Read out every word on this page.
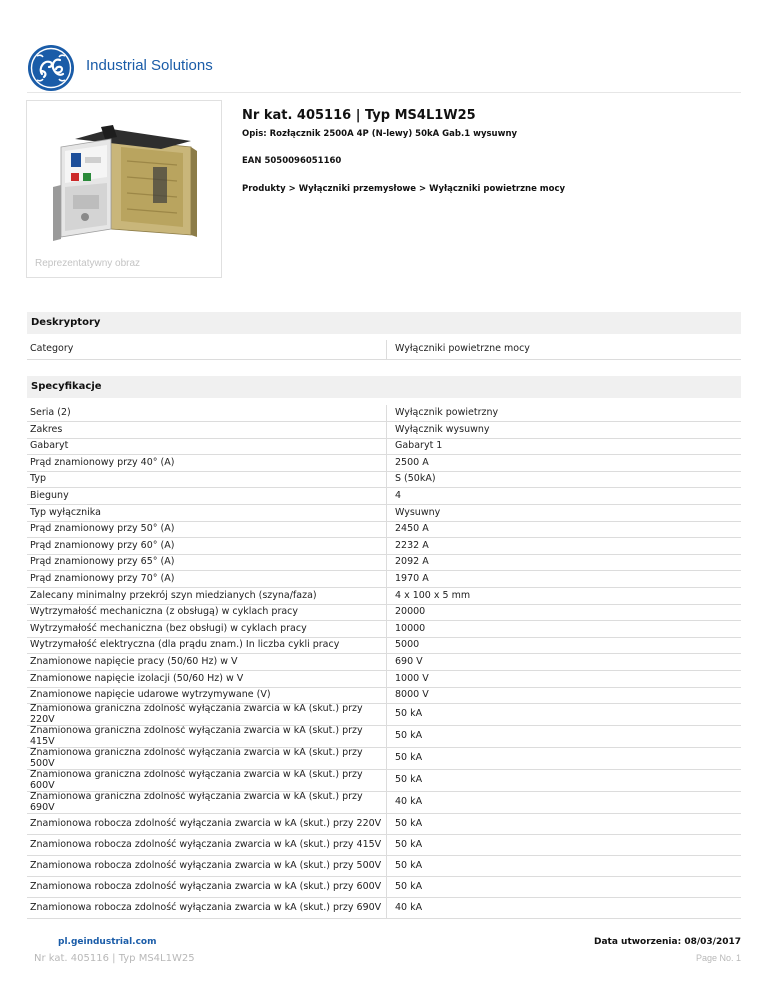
Industrial Solutions
Reprezentatywny obraz
Nr kat. 405116 | Typ MS4L1W25
Opis: Rozłącznik 2500A 4P (N-lewy) 50kA Gab.1 wysuwny
EAN 5050096051160
Produkty > Wyłączniki przemysłowe > Wyłączniki powietrzne mocy
Deskryptory
Category	Wyłączniki powietrzne mocy
Specyfikacje
Seria (2)	Wyłącznik powietrzny
Zakres	Wyłącznik wysuwny
Gabaryt	Gabaryt 1
Prąd znamionowy przy 40° (A)	2500 A
Typ	S (50kA)
Bieguny	4
Typ wyłącznika	Wysuwny
Prąd znamionowy przy 50° (A)	2450 A
Prąd znamionowy przy 60° (A)	2232 A
Prąd znamionowy przy 65° (A)	2092 A
Prąd znamionowy przy 70° (A)	1970 A
Zalecany minimalny przekrój szyn miedzianych (szyna/faza)	4 x 100 x 5 mm
Wytrzymałość mechaniczna (z obsługą) w cyklach pracy	20000
Wytrzymałość mechaniczna (bez obsługi) w cyklach pracy	10000
Wytrzymałość elektryczna (dla prądu znam.) In liczba cykli pracy	5000
Znamionowe napięcie pracy (50/60 Hz) w V	690 V
Znamionowe napięcie izolacji (50/60 Hz) w V	1000 V
Znamionowe napięcie udarowe wytrzymywane (V)	8000 V
Znamionowa graniczna zdolność wyłączania zwarcia w kA (skut.) przy 220V	50 kA
Znamionowa graniczna zdolność wyłączania zwarcia w kA (skut.) przy 415V	50 kA
Znamionowa graniczna zdolność wyłączania zwarcia w kA (skut.) przy 500V	50 kA
Znamionowa graniczna zdolność wyłączania zwarcia w kA (skut.) przy 600V	50 kA
Znamionowa graniczna zdolność wyłączania zwarcia w kA (skut.) przy 690V	40 kA
Znamionowa robocza zdolność wyłączania zwarcia w kA (skut.) przy 220V	50 kA
Znamionowa robocza zdolność wyłączania zwarcia w kA (skut.) przy 415V	50 kA
Znamionowa robocza zdolność wyłączania zwarcia w kA (skut.) przy 500V	50 kA
Znamionowa robocza zdolność wyłączania zwarcia w kA (skut.) przy 600V	50 kA
Znamionowa robocza zdolność wyłączania zwarcia w kA (skut.) przy 690V	40 kA
pl.geindustrial.com	Data utworzenia: 08/03/2017
Nr kat. 405116 | Typ MS4L1W25	Page No. 1
